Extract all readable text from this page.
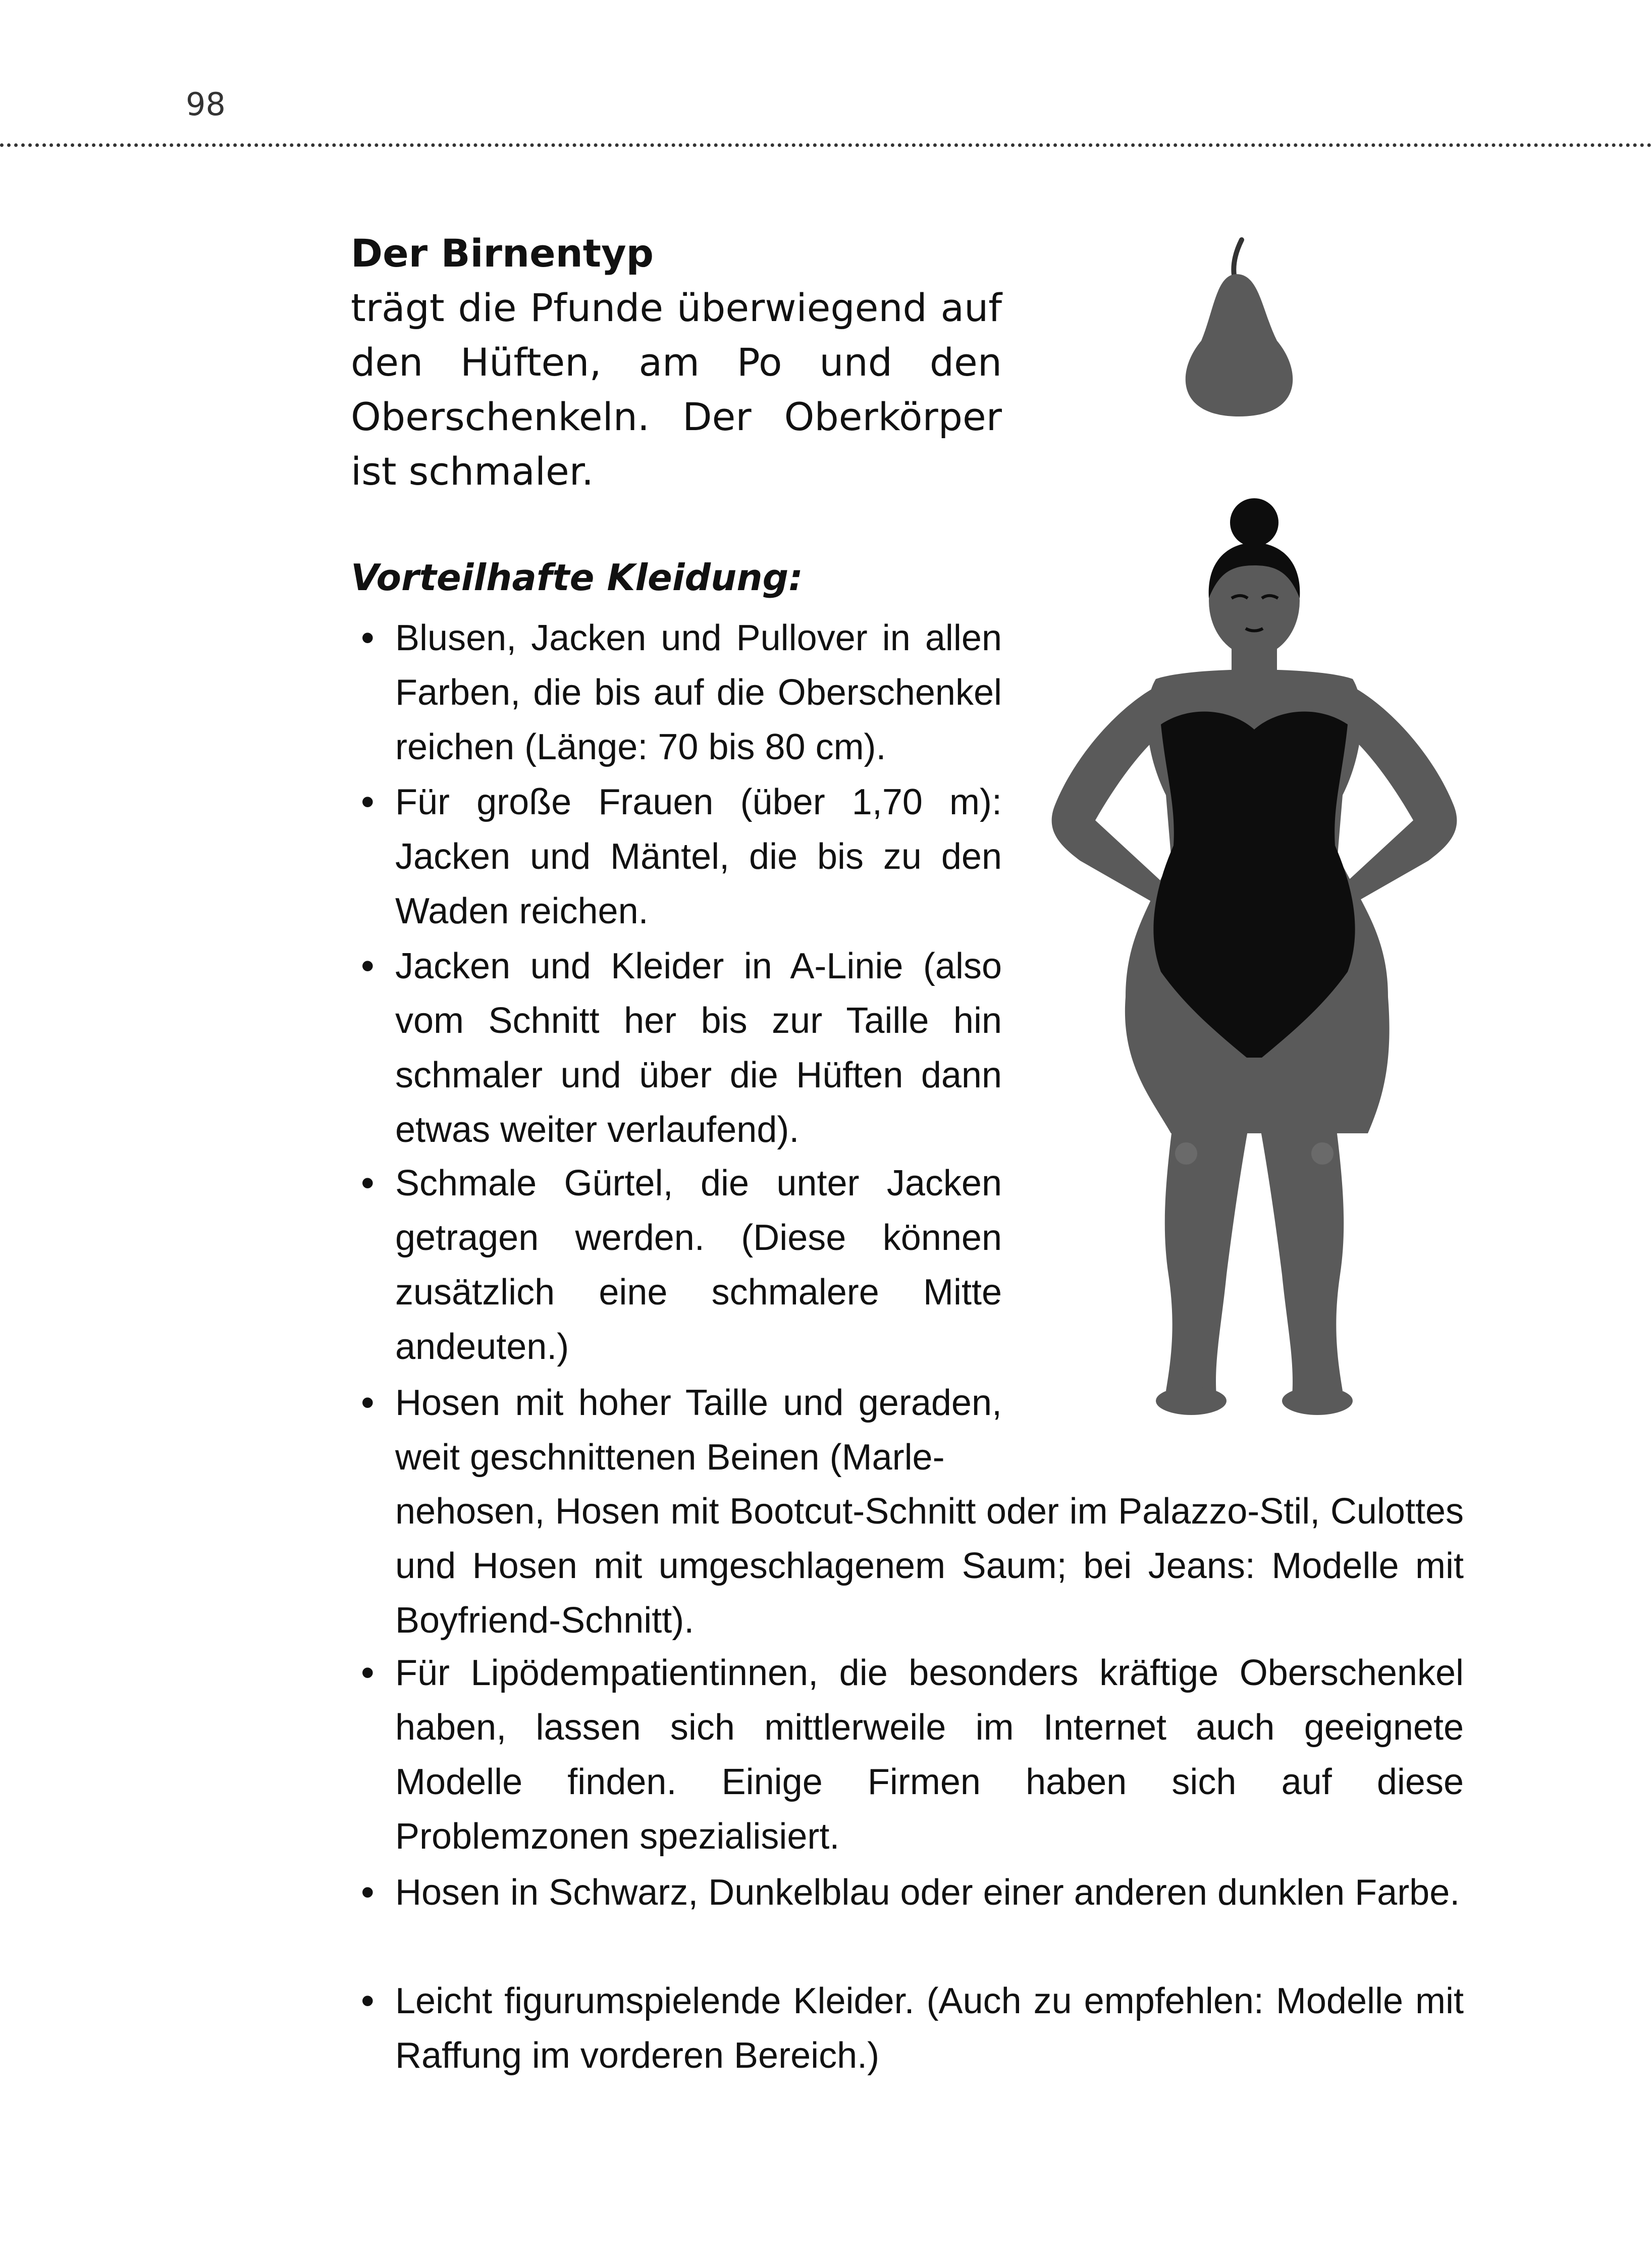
98
Der Birnentyp
trägt die Pfunde überwiegend auf den Hüften, am Po und den Oberschenkeln. Der Oberkörper ist schmaler.
Vorteilhafte Kleidung:
• Blusen, Jacken und Pullover in allen Farben, die bis auf die Oberschenkel reichen (Länge: 70 bis 80 cm).
• Für große Frauen (über 1,70 m): Jacken und Mäntel, die bis zu den Waden reichen.
• Jacken und Kleider in A-Linie (also vom Schnitt her bis zur Taille hin schmaler und über die Hüften dann etwas weiter verlaufend).
• Schmale Gürtel, die unter Jacken getragen werden. (Diese können zusätzlich eine schmalere Mitte andeuten.)
• Hosen mit hoher Taille und geraden, weit geschnittenen Beinen (Marle-
nehosen, Hosen mit Bootcut-Schnitt oder im Palazzo-Stil, Culottes und Hosen mit umgeschlagenem Saum; bei Jeans: Modelle mit Boyfriend-Schnitt).
• Für Lipödempatientinnen, die besonders kräftige Oberschenkel haben, lassen sich mittlerweile im Internet auch geeignete Modelle finden. Einige Firmen haben sich auf diese Problemzonen spezialisiert.
• Hosen in Schwarz, Dunkelblau oder einer anderen dunklen Farbe.
• Leicht figurumspielende Kleider. (Auch zu empfehlen: Modelle mit Raffung im vorderen Bereich.)
